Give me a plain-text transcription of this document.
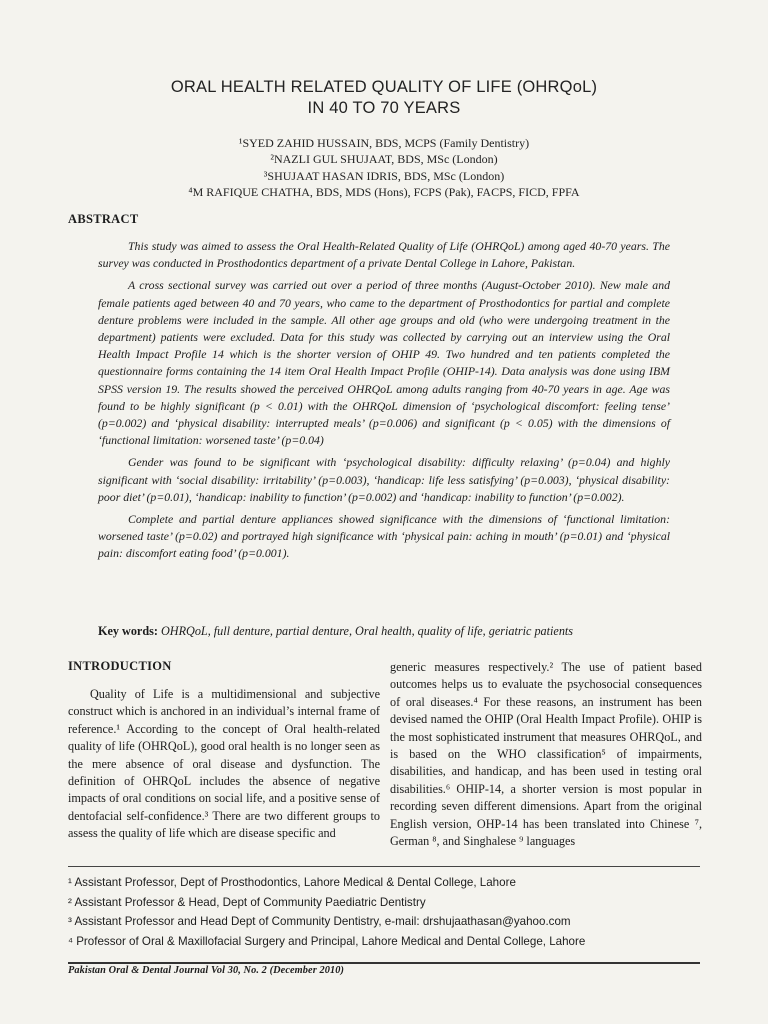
ORAL HEALTH RELATED QUALITY OF LIFE (OHRQoL)
IN 40 TO 70 YEARS
¹SYED ZAHID HUSSAIN, BDS, MCPS (Family Dentistry)
²NAZLI GUL SHUJAAT, BDS, MSc (London)
³SHUJAAT HASAN IDRIS, BDS, MSc (London)
⁴M RAFIQUE CHATHA, BDS, MDS (Hons), FCPS (Pak), FACPS, FICD, FPFA
ABSTRACT

This study was aimed to assess the Oral Health-Related Quality of Life (OHRQoL) among aged 40-70 years. The survey was conducted in Prosthodontics department of a private Dental College in Lahore, Pakistan.

A cross sectional survey was carried out over a period of three months (August-October 2010). New male and female patients aged between 40 and 70 years, who came to the department of Prosthodontics for partial and complete denture problems were included in the sample. All other age groups and old (who were undergoing treatment in the department) patients were excluded. Data for this study was collected by carrying out an interview using the Oral Health Impact Profile 14 which is the shorter version of OHIP 49. Two hundred and ten patients completed the questionnaire forms containing the 14 item Oral Health Impact Profile (OHIP-14). Data analysis was done using IBM SPSS version 19. The results showed the perceived OHRQoL among adults ranging from 40-70 years in age. Age was found to be highly significant (p < 0.01) with the OHRQoL dimension of ‘psychological discomfort: feeling tense’ (p=0.002) and ‘physical disability: interrupted meals’ (p=0.006) and significant (p < 0.05) with the dimensions of ‘functional limitation: worsened taste’ (p=0.04)

Gender was found to be significant with ‘psychological disability: difficulty relaxing’ (p=0.04) and highly significant with ‘social disability: irritability’ (p=0.003), ‘handicap: life less satisfying’ (p=0.003), ‘physical disability: poor diet’ (p=0.01), ‘handicap: inability to function’ (p=0.002) and ‘handicap: inability to function’ (p=0.002).

Complete and partial denture appliances showed significance with the dimensions of ‘functional limitation: worsened taste’ (p=0.02) and portrayed high significance with ‘physical pain: aching in mouth’ (p=0.01) and ‘physical pain: discomfort eating food’ (p=0.001).

Key words: OHRQoL, full denture, partial denture, Oral health, quality of life, geriatric patients
INTRODUCTION

Quality of Life is a multidimensional and subjective construct which is anchored in an individual’s internal frame of reference.¹ According to the concept of Oral health-related quality of life (OHRQoL), good oral health is no longer seen as the mere absence of oral disease and dysfunction. The definition of OHRQoL includes the absence of negative impacts of oral conditions on social life, and a positive sense of dentofacial self-confidence.³ There are two different groups to assess the quality of life which are disease specific and

generic measures respectively.² The use of patient based outcomes helps us to evaluate the psychosocial consequences of oral diseases.⁴ For these reasons, an instrument has been devised named the OHIP (Oral Health Impact Profile). OHIP is the most sophisticated instrument that measures OHRQoL, and is based on the WHO classification⁵ of impairments, disabilities, and handicap, and has been used in testing oral disabilities.⁶ OHIP-14, a shorter version is most popular in recording seven different dimensions. Apart from the original English version, OHP-14 has been translated into Chinese ⁷, German ⁸, and Singhalese ⁹ languages

¹ Assistant Professor, Dept of Prosthodontics, Lahore Medical & Dental College, Lahore
² Assistant Professor & Head, Dept of Community Paediatric Dentistry
³ Assistant Professor and Head Dept of Community Dentistry, e-mail: drshujaathasan@yahoo.com
⁴ Professor of Oral & Maxillofacial Surgery and Principal, Lahore Medical and Dental College, Lahore
Pakistan Oral & Dental Journal Vol 30, No. 2 (December 2010)
